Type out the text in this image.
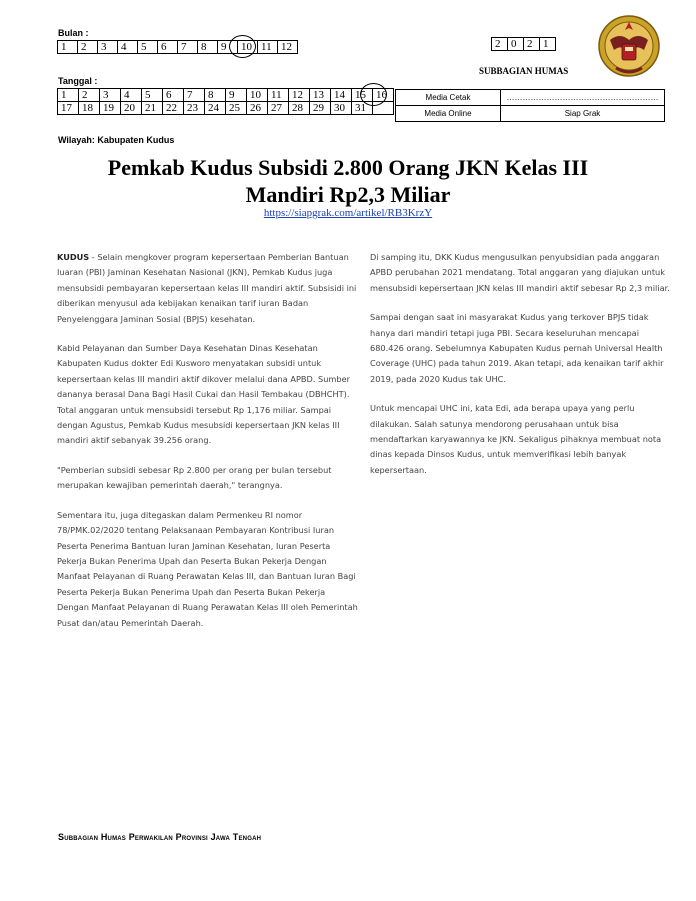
Bulan :
1	2	3	4	5	6	7	8	9	10	11	12
Tanggal :
1	2	3	4	5	6	7	8	9	10	11	12	13	14	15	16
17	18	19	20	21	22	23	24	25	26	27	28	29	30	31	
2	0	2	1
SUBBAGIAN HUMAS
Media Cetak	…………………………………………………
Media Online	Siap Grak
Wilayah: Kabupaten Kudus
Pemkab Kudus Subsidi 2.800 Orang JKN Kelas III
Mandiri Rp2,3 Miliar
https://siapgrak.com/artikel/RB3KrzY

KUDUS - Selain mengkover program kepersertaan Pemberian Bantuan Iuaran (PBI) Jaminan Kesehatan Nasional (JKN), Pemkab Kudus juga mensubsidi pembayaran kepersertaan kelas III mandiri aktif. Subsisidi ini diberikan menyusul ada kebijakan kenaikan tarif iuran Badan Penyelenggara Jaminan Sosial (BPJS) kesehatan.

Kabid Pelayanan dan Sumber Daya Kesehatan Dinas Kesehatan Kabupaten Kudus dokter Edi Kusworo menyatakan subsidi untuk kepersertaan kelas III mandiri aktif dikover melalui dana APBD. Sumber dananya berasal Dana Bagi Hasil Cukai dan Hasil Tembakau (DBHCHT). Total anggaran untuk mensubsidi tersebut Rp 1,176 miliar. Sampai dengan Agustus, Pemkab Kudus mesubsidi kepersertaan JKN kelas III mandiri aktif sebanyak 39.256 orang.

"Pemberian subsidi sebesar Rp 2.800 per orang per bulan tersebut merupakan kewajiban pemerintah daerah," terangnya.

Sementara itu, juga ditegaskan dalam Permenkeu RI nomor 78/PMK.02/2020 tentang Pelaksanaan Pembayaran Kontribusi Iuran Peserta Penerima Bantuan Iuran Jaminan Kesehatan, Iuran Peserta Pekerja Bukan Penerima Upah dan Peserta Bukan Pekerja Dengan Manfaat Pelayanan di Ruang Perawatan Kelas III, dan Bantuan Iuran Bagi Peserta Pekerja Bukan Penerima Upah dan Peserta Bukan Pekerja Dengan Manfaat Pelayanan di Ruang Perawatan Kelas III oleh Pemerintah Pusat dan/atau Pemerintah Daerah.

Di samping itu, DKK Kudus mengusulkan penyubsidian pada anggaran APBD perubahan 2021 mendatang. Total anggaran yang diajukan untuk mensubsidi kepersertaan JKN kelas III mandiri aktif sebesar Rp 2,3 miliar.

Sampai dengan saat ini masyarakat Kudus yang terkover BPJS tidak hanya dari mandiri tetapi juga PBI. Secara keseluruhan mencapai 680.426 orang. Sebelumnya Kabupaten Kudus pernah Universal Health Coverage (UHC) pada tahun 2019. Akan tetapi, ada kenaikan tarif akhir 2019, pada 2020 Kudus tak UHC.

Untuk mencapai UHC ini, kata Edi, ada berapa upaya yang perlu dilakukan. Salah satunya mendorong perusahaan untuk bisa mendaftarkan karyawannya ke JKN. Sekaligus pihaknya membuat nota dinas kepada Dinsos Kudus, untuk memverifikasi lebih banyak kepersertaan.

Subbagian Humas Perwakilan Provinsi Jawa Tengah
